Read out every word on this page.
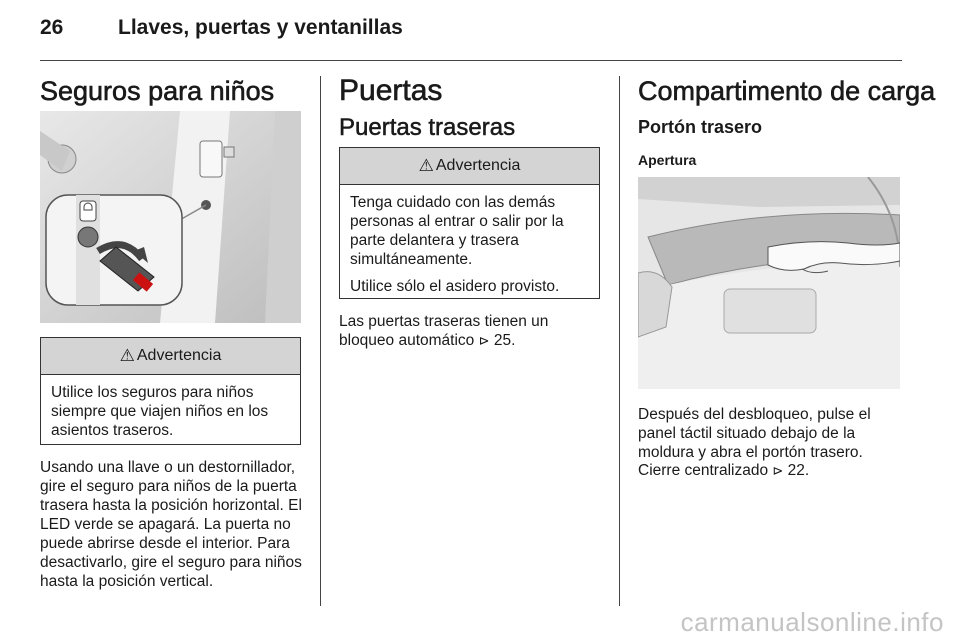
26	Llaves, puertas y ventanillas
Seguros para niños
⚠ Advertencia

Utilice los seguros para niños siempre que viajen niños en los asientos traseros.

Usando una llave o un destornillador, gire el seguro para niños de la puerta trasera hasta la posición horizontal. El LED verde se apagará. La puerta no puede abrirse desde el interior. Para desactivarlo, gire el seguro para niños hasta la posición vertical.
Puertas
Puertas traseras
⚠ Advertencia

Tenga cuidado con las demás personas al entrar o salir por la parte delantera y trasera simultáneamente.

Utilice sólo el asidero provisto.

Las puertas traseras tienen un bloqueo automático ⊳ 25.
Compartimento de carga
Portón trasero
Apertura
Después del desbloqueo, pulse el panel táctil situado debajo de la moldura y abra el portón trasero.
Cierre centralizado ⊳ 22.
carmanualsonline.info
